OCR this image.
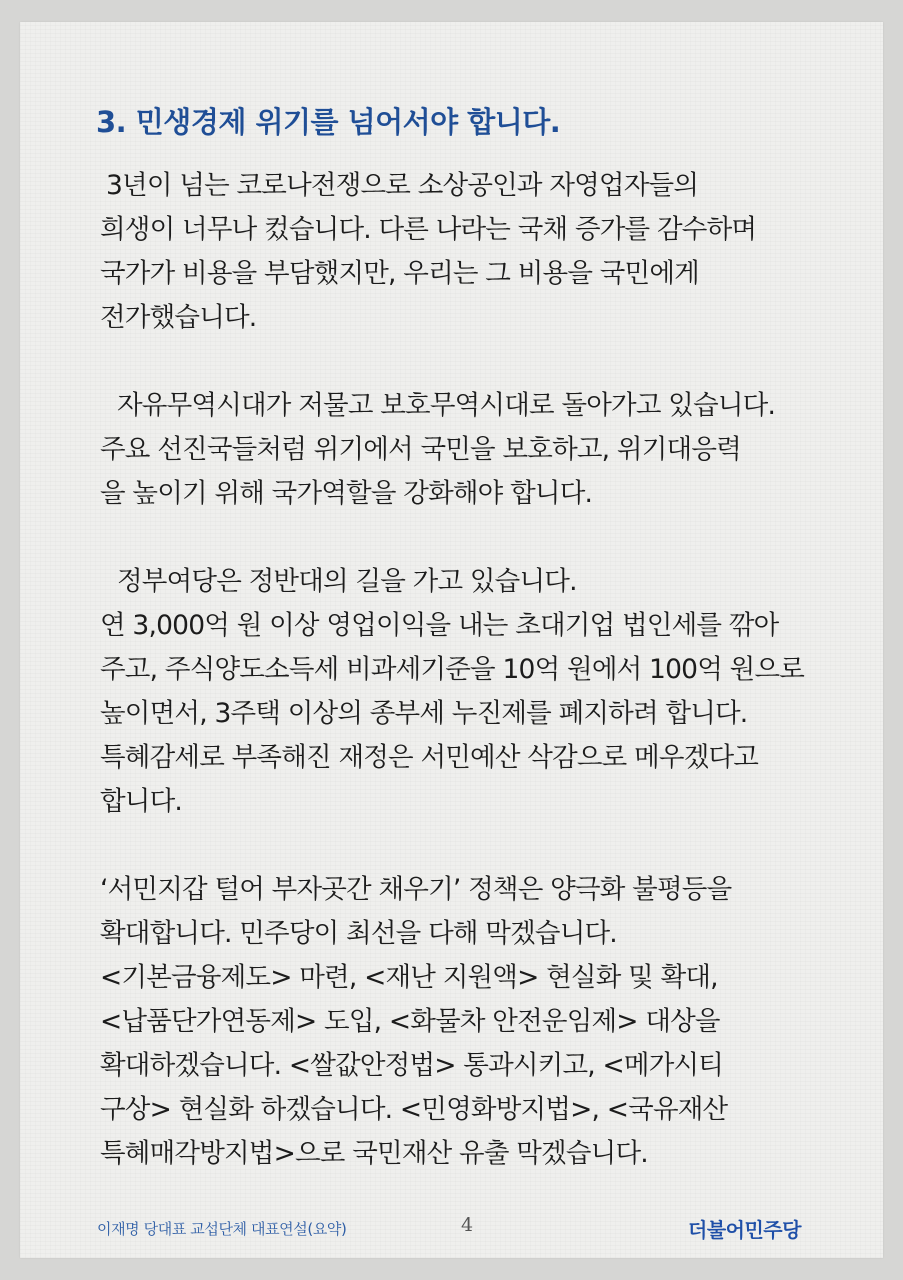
3. 민생경제 위기를 넘어서야 합니다.

3년이 넘는 코로나전쟁으로 소상공인과 자영업자들의
희생이 너무나 컸습니다. 다른 나라는 국채 증가를 감수하며
국가가 비용을 부담했지만, 우리는 그 비용을 국민에게
전가했습니다.

자유무역시대가 저물고 보호무역시대로 돌아가고 있습니다.
주요 선진국들처럼 위기에서 국민을 보호하고, 위기대응력
을 높이기 위해 국가역할을 강화해야 합니다.

정부여당은 정반대의 길을 가고 있습니다.
연 3,000억 원 이상 영업이익을 내는 초대기업 법인세를 깎아
주고, 주식양도소득세 비과세기준을 10억 원에서 100억 원으로
높이면서, 3주택 이상의 종부세 누진제를 폐지하려 합니다.
특혜감세로 부족해진 재정은 서민예산 삭감으로 메우겠다고
합니다.

‘서민지갑 털어 부자곳간 채우기’ 정책은 양극화 불평등을
확대합니다. 민주당이 최선을 다해 막겠습니다.
<기본금융제도> 마련, <재난 지원액> 현실화 및 확대,
<납품단가연동제> 도입, <화물차 안전운임제> 대상을
확대하겠습니다. <쌀값안정법> 통과시키고, <메가시티
구상> 현실화 하겠습니다. <민영화방지법>, <국유재산
특혜매각방지법>으로 국민재산 유출 막겠습니다.

이재명 당대표 교섭단체 대표연설(요약)	4	더불어민주당
